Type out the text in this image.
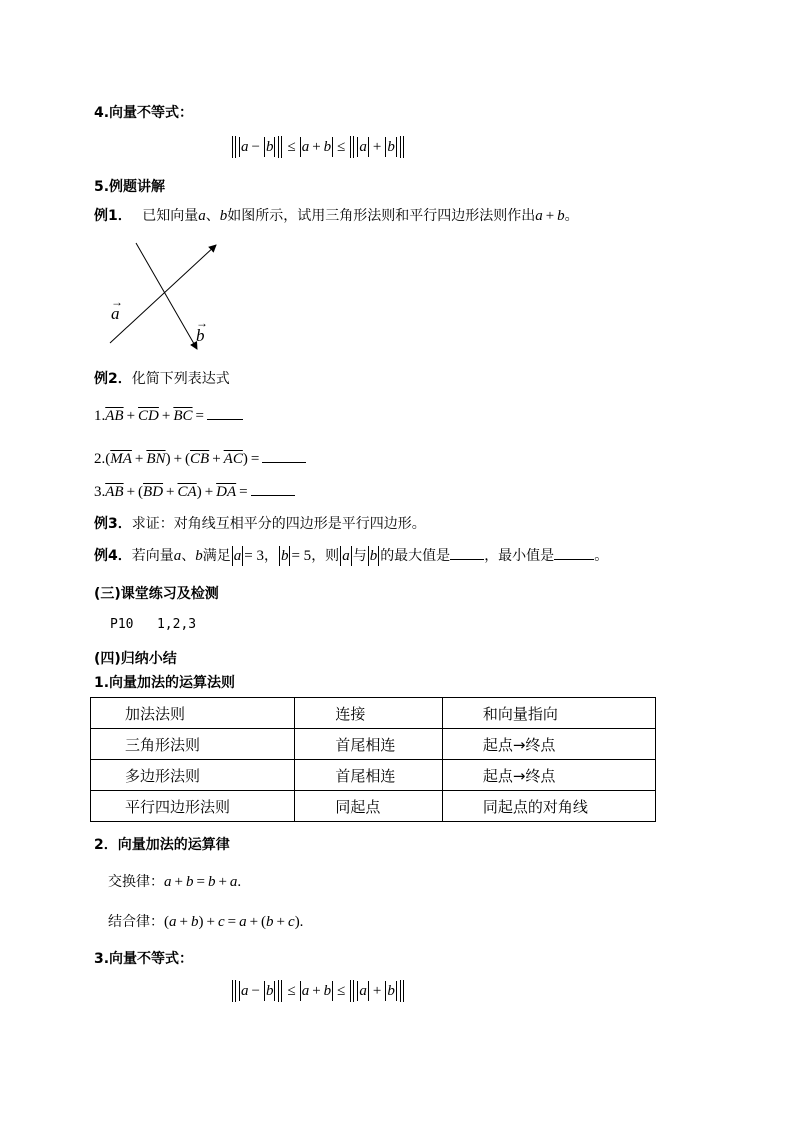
4.向量不等式：
a − b ≤ a + b ≤ a + b
5.例题讲解
例1． 已知向量a、b如图所示，试用三角形法则和平行四边形法则作出a + b。
a
→
b
→
例2．化简下列表达式
$1.\overline{AB} + \overline{CD} + \overline{BC}$ =
$2.(\overline{MA} + \overline{BN}) + (\overline{CB} + \overline{AC})$ =
$3.\overline{AB} + (\overline{BD} + \overline{CA}) + \overline{DA}$ =
例3．求证：对角线互相平分的四边形是平行四边形。
例4．若向量a、b满足 a = 3， b = 5，则 a 与 b 的最大值是 ，最小值是	。
(三)课堂练习及检测
P10   1,2,3
(四)归纳小结
1.向量加法的运算法则
加法法则	连接	和向量指向
三角形法则	首尾相连	起点→终点
多边形法则	首尾相连	起点→终点
平行四边形法则	同起点	同起点的对角线
2．向量加法的运算律
交换律：a + b = b + a.
结合律：(a + b) + c = a + (b + c).
3.向量不等式：
a − b ≤ a + b ≤ a + b
